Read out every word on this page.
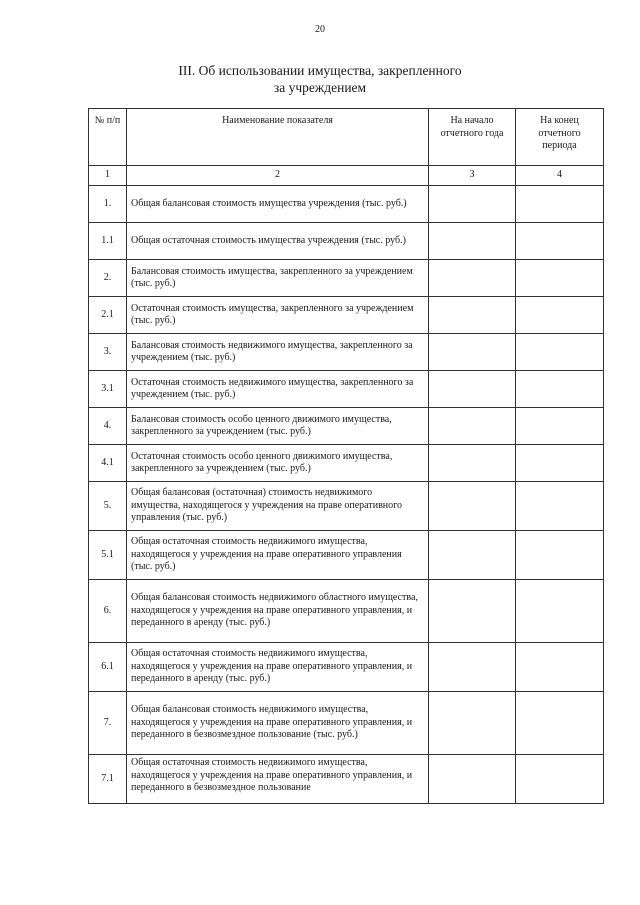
20
III. Об использовании имущества, закрепленного
за учреждением
№ п/п	Наименование показателя	На начало отчетного года	На конец отчетного периода
1	2	3	4
1.	Общая балансовая стоимость имущества учреждения (тыс. руб.)		
1.1	Общая остаточная стоимость имущества учреждения (тыс. руб.)		
2.	Балансовая стоимость имущества, закрепленного за учреждением (тыс. руб.)		
2.1	Остаточная стоимость имущества, закрепленного за учреждением (тыс. руб.)		
3.	Балансовая стоимость недвижимого имущества, закрепленного за учреждением (тыс. руб.)		
3.1	Остаточная стоимость недвижимого имущества, закрепленного за учреждением (тыс. руб.)		
4.	Балансовая стоимость особо ценного движимого имущества, закрепленного за учреждением (тыс. руб.)		
4.1	Остаточная стоимость особо ценного движимого имущества, закрепленного за учреждением (тыс. руб.)		
5.	Общая балансовая (остаточная) стоимость недвижимого имущества, находящегося у учреждения на праве оперативного управления (тыс. руб.)		
5.1	Общая остаточная стоимость недвижимого имущества, находящегося у учреждения на праве оперативного управления (тыс. руб.)		
6.	Общая балансовая стоимость недвижимого областного имущества, находящегося у учреждения на праве оперативного управления, и переданного в аренду (тыс. руб.)		
6.1	Общая остаточная стоимость недвижимого имущества, находящегося у учреждения на праве оперативного управления, и переданного в аренду (тыс. руб.)		
7.	Общая балансовая стоимость недвижимого имущества, находящегося у учреждения на праве оперативного управления, и переданного в безвозмездное пользование (тыс. руб.)		
7.1	Общая остаточная стоимость недвижимого имущества, находящегося у учреждения на праве оперативного управления, и переданного в безвозмездное пользование		
